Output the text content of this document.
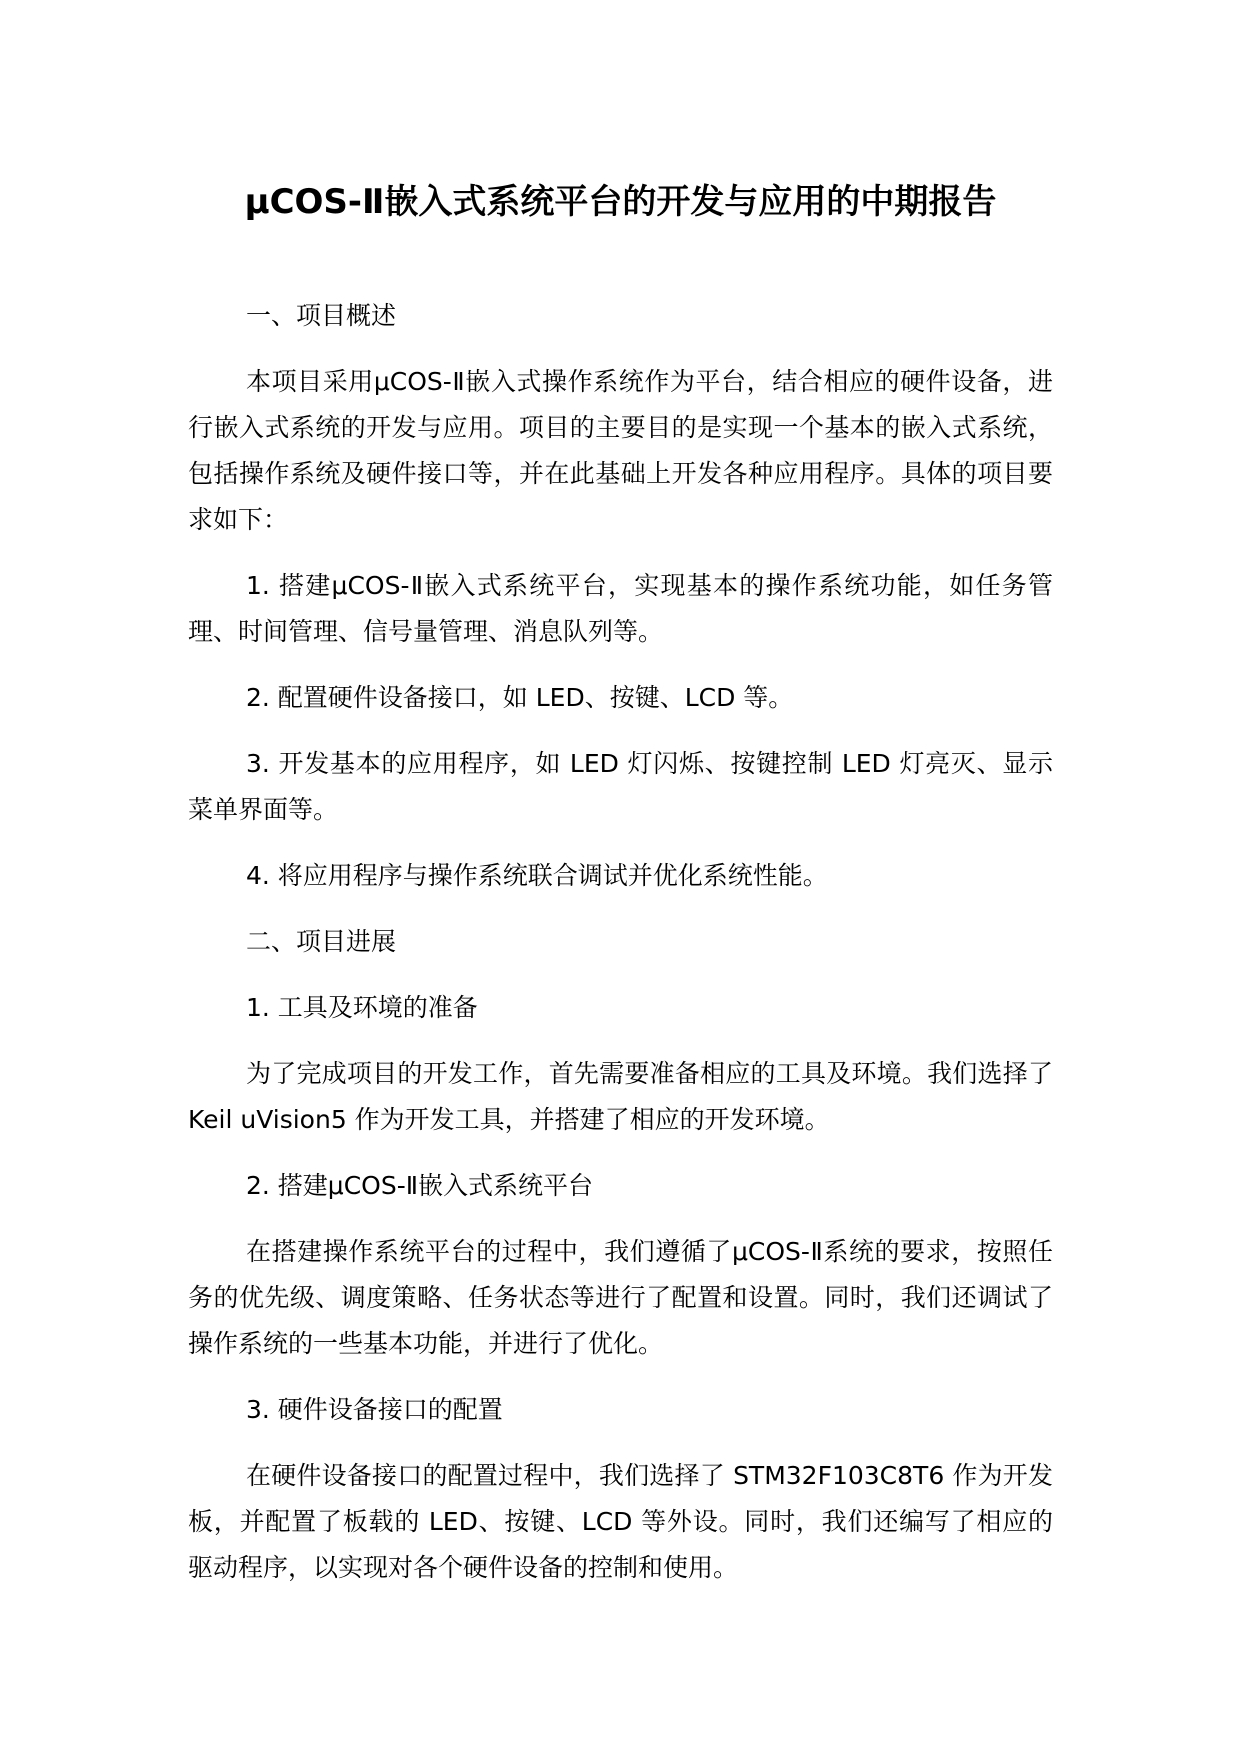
μCOS-Ⅱ嵌入式系统平台的开发与应用的中期报告

一、项目概述

本项目采用μCOS-Ⅱ嵌入式操作系统作为平台，结合相应的硬件设备，进行嵌入式系统的开发与应用。项目的主要目的是实现一个基本的嵌入式系统，包括操作系统及硬件接口等，并在此基础上开发各种应用程序。具体的项目要求如下：

1. 搭建μCOS-Ⅱ嵌入式系统平台，实现基本的操作系统功能，如任务管理、时间管理、信号量管理、消息队列等。

2. 配置硬件设备接口，如 LED、按键、LCD 等。

3. 开发基本的应用程序，如 LED 灯闪烁、按键控制 LED 灯亮灭、显示菜单界面等。

4. 将应用程序与操作系统联合调试并优化系统性能。

二、项目进展

1. 工具及环境的准备

为了完成项目的开发工作，首先需要准备相应的工具及环境。我们选择了 Keil uVision5 作为开发工具，并搭建了相应的开发环境。

2. 搭建μCOS-Ⅱ嵌入式系统平台

在搭建操作系统平台的过程中，我们遵循了μCOS-Ⅱ系统的要求，按照任务的优先级、调度策略、任务状态等进行了配置和设置。同时，我们还调试了操作系统的一些基本功能，并进行了优化。

3. 硬件设备接口的配置

在硬件设备接口的配置过程中，我们选择了 STM32F103C8T6 作为开发板，并配置了板载的 LED、按键、LCD 等外设。同时，我们还编写了相应的驱动程序，以实现对各个硬件设备的控制和使用。
